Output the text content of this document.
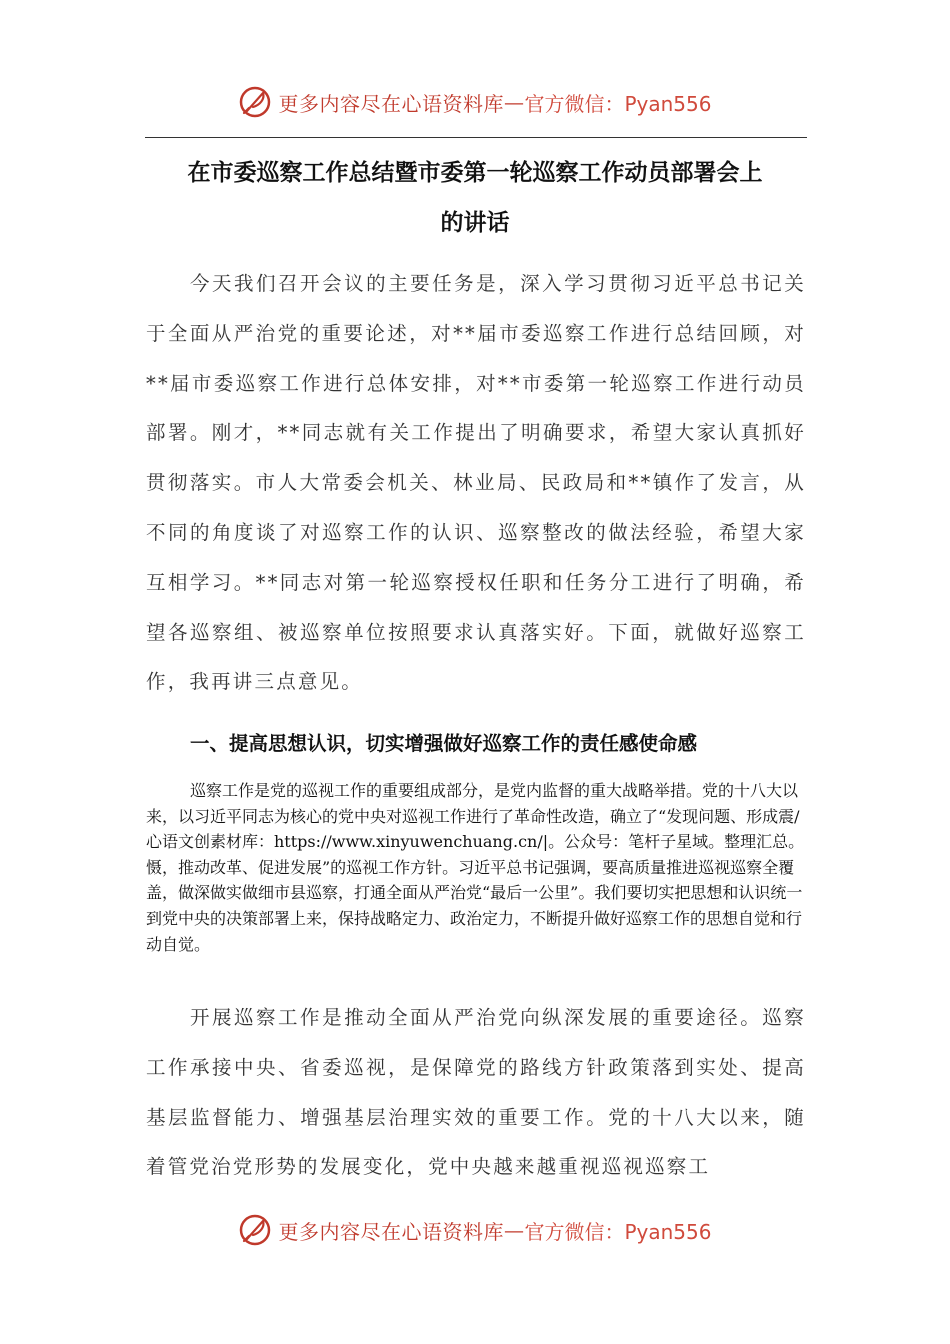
更多内容尽在心语资料库 — 官方微信：Pyan556
在市委巡察工作总结暨市委第一轮巡察工作动员部署会上
的讲话

今天我们召开会议的主要任务是，深入学习贯彻习近平总书记关于全面从严治党的重要论述，对**届市委巡察工作进行总结回顾，对**届市委巡察工作进行总体安排，对**市委第一轮巡察工作进行动员部署。刚才，**同志就有关工作提出了明确要求，希望大家认真抓好贯彻落实。市人大常委会机关、林业局、民政局和**镇作了发言，从不同的角度谈了对巡察工作的认识、巡察整改的做法经验，希望大家互相学习。**同志对第一轮巡察授权任职和任务分工进行了明确，希望各巡察组、被巡察单位按照要求认真落实好。下面，就做好巡察工作，我再讲三点意见。

一、提高思想认识，切实增强做好巡察工作的责任感使命感

巡察工作是党的巡视工作的重要组成部分，是党内监督的重大战略举措。党的十八大以来，以习近平同志为核心的党中央对巡视工作进行了革命性改造，确立了“发现问题、形成震/心语文创素材库：https://www.xinyuwenchuang.cn/|。公众号：笔杆子星域。整理汇总。慑，推动改革、促进发展”的巡视工作方针。习近平总书记强调，要高质量推进巡视巡察全覆盖，做深做实做细市县巡察，打通全面从严治党“最后一公里”。我们要切实把思想和认识统一到党中央的决策部署上来，保持战略定力、政治定力，不断提升做好巡察工作的思想自觉和行动自觉。

开展巡察工作是推动全面从严治党向纵深发展的重要途径。巡察工作承接中央、省委巡视，是保障党的路线方针政策落到实处、提高基层监督能力、增强基层治理实效的重要工作。党的十八大以来，随着管党治党形势的发展变化，党中央越来越重视巡视巡察工

更多内容尽在心语资料库 — 官方微信：Pyan556
